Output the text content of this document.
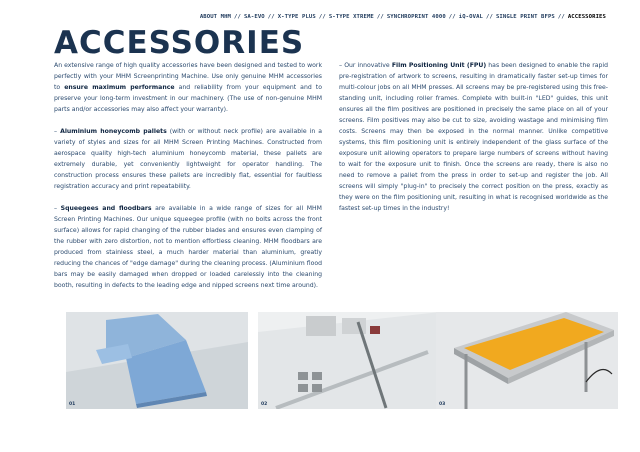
ABOUT MHM // SA-EVO // X-TYPE PLUS // S-TYPE XTREME // SYNCHROPRINT 4000 // iQ-OVAL // SINGLE PRINT BFPS // ACCESSORIES
ACCESSORIES

An extensive range of high quality accessories have been designed and tested to work perfectly with your MHM Screenprinting Machine. Use only genuine MHM accessories to ensure maximum performance and reliability from your equipment and to preserve your long-term investment in our machinery. (The use of non-genuine MHM parts and/or accessories may also affect your warranty).

– Aluminium honeycomb pallets (with or without neck profile) are available in a variety of styles and sizes for all MHM Screen Printing Machines. Constructed from aerospace quality high-tech aluminium honeycomb material, these pallets are extremely durable, yet conveniently lightweight for operator handling. The construction process ensures these pallets are incredibly flat, essential for faultless registration accuracy and print repeatability.

– Squeegees and floodbars are available in a wide range of sizes for all MHM Screen Printing Machines. Our unique squeegee profile (with no bolts across the front surface) allows for rapid changing of the rubber blades and ensures even clamping of the rubber with zero distortion, not to mention effortless cleaning. MHM floodbars are produced from stainless steel, a much harder material than aluminium, greatly reducing the chances of "edge damage" during the cleaning process. (Aluminium flood bars may be easily damaged when dropped or loaded carelessly into the cleaning booth, resulting in defects to the leading edge and nipped screens next time around).

– Our innovative Film Positioning Unit (FPU) has been designed to enable the rapid pre-registration of artwork to screens, resulting in dramatically faster set-up times for multi-colour jobs on all MHM presses. All screens may be pre-registered using this free-standing unit, including roller frames. Complete with built-in "LED" guides, this unit ensures all the film positives are positioned in precisely the same place on all of your screens. Film positives may also be cut to size, avoiding wastage and minimising film costs. Screens may then be exposed in the normal manner. Unlike competitive systems, this film positioning unit is entirely independent of the glass surface of the exposure unit allowing operators to prepare large numbers of screens without having to wait for the exposure unit to finish. Once the screens are ready, there is also no need to remove a pallet from the press in order to set-up and register the job. All screens will simply "plug-in" to precisely the correct position on the press, exactly as they were on the film positioning unit, resulting in what is recognised worldwide as the fastest set-up times in the industry!

01	02	03
